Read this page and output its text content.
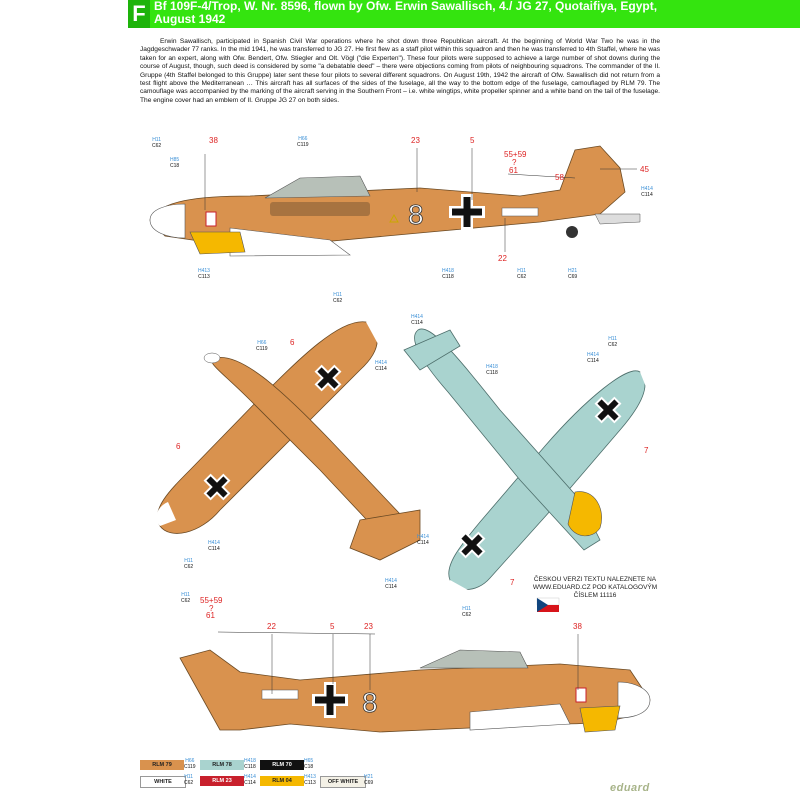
F Bf 109F-4/Trop, W. Nr. 8596, flown by Ofw. Erwin Sawallisch, 4./ JG 27, Quotaifiya, Egypt, August 1942
Erwin Sawallisch, participated in Spanish Civil War operations where he shot down three Republican aircraft. At the beginning of World War Two he was in the Jagdgeschwader 77 ranks. In the mid 1941, he was transferred to JG 27. He first flew as a staff pilot within this squadron and then he was transferred to 4th Staffel, where he was taken for an expert, along with Ofw. Bendert, Ofw. Stiegler and Olt. Vögl ("die Experten"). These four pilots were supposed to achieve a large number of shot downs during the course of August, though, such deed is considered by some "a debatable deed" – there were objections coming from pilots of neighbouring squadrons. The commander of the II. Gruppe (4th Staffel belonged to this Gruppe) later sent these four pilots to several different squadrons. On August 19th, 1942 the aircraft of Ofw. Sawallisch did not return from a test flight above the Mediterranean … This aircraft has all surfaces of the sides of the fuselage, all the way to the bottom edge of the fuselage, camouflaged by RLM 79. The camouflage was accompanied by the marking of the aircraft serving in the Southern Front – i.e. white wingtips, white propeller spinner and a white band on the tail of the fuselage. The engine cover had an emblem of II. Gruppe JG 27 on both sides.
8
8
38	23	5
55+59
?
61
58
45
22
H11
C62
H66
C119
H85
C18
H413
C113
H418
C118
H11
C62
H21
C69
H414
C114
6
6	7
7
H11
C62
H66
C119
H414
C114
H414
C114
H11
C62
H414
C114
H414
C114
H418
C118
H11
C62
H414
C114
H414
C114
H11
C62
55+59
?
61
22	5	23	38
H11
C62
ČESKOU VERZI TEXTU NALEZNETE NA WWW.EDUARD.CZ POD KATALOGOVÝM ČÍSLEM 11116
RLM 79
H66
C119	RLM 78
H418
C118	RLM 70
H65
C18
WHITE
H11
C62	RLM 23
H414
C114	RLM 04
H413
C113	OFF WHITE
H21
C69	eduard
